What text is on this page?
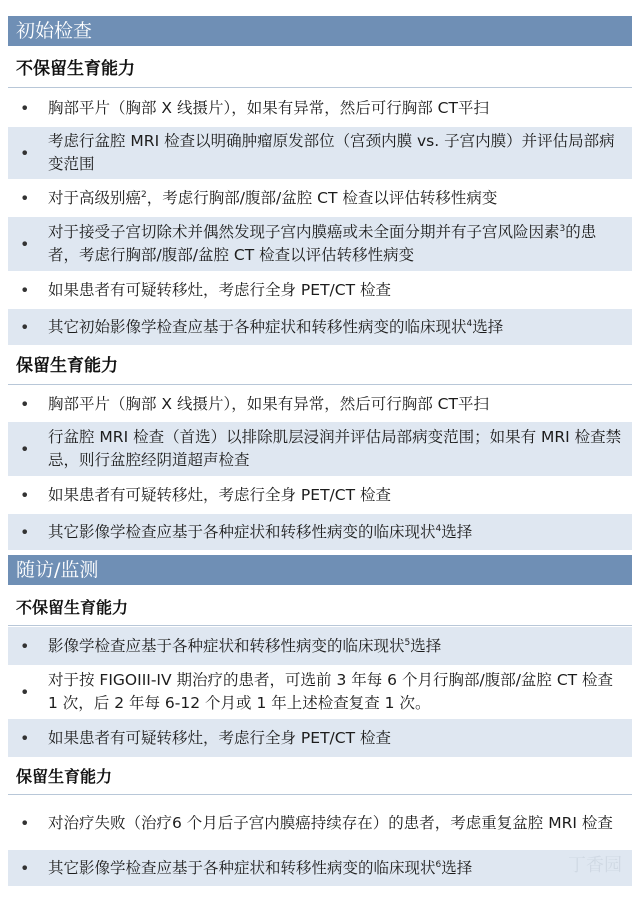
初始检查
不保留生育能力
• 胸部平片（胸部 X 线摄片），如果有异常，然后可行胸部 CT平扫
•
考虑行盆腔 MRI 检查以明确肿瘤原发部位（宫颈内膜 vs. 子宫内膜）并评估局部病变范围
• 对于高级别癌$^2$，考虑行胸部/腹部/盆腔 CT 检查以评估转移性病变
•
对于接受子宫切除术并偶然发现子宫内膜癌或未全面分期并有子宫风险因素$^3$的患者，考虑行胸部/腹部/盆腔 CT 检查以评估转移性病变
• 如果患者有可疑转移灶，考虑行全身 PET/CT 检查
• 其它初始影像学检查应基于各种症状和转移性病变的临床现状$^4$选择
保留生育能力
• 胸部平片（胸部 X 线摄片），如果有异常，然后可行胸部 CT平扫
•
行盆腔 MRI 检查（首选）以排除肌层浸润并评估局部病变范围；如果有 MRI 检查禁忌，则行盆腔经阴道超声检查
• 如果患者有可疑转移灶，考虑行全身 PET/CT 检查
• 其它影像学检查应基于各种症状和转移性病变的临床现状$^4$选择
随访/监测
不保留生育能力
• 影像学检查应基于各种症状和转移性病变的临床现状$^5$选择
•
对于按 FIGOIII-IV 期治疗的患者，可选前 3 年每 6 个月行胸部/腹部/盆腔 CT 检查 1 次，后 2 年每 6-12 个月或 1 年上述检查复查 1 次。
• 如果患者有可疑转移灶，考虑行全身 PET/CT 检查
保留生育能力
• 对治疗失败（治疗6 个月后子宫内膜癌持续存在）的患者，考虑重复盆腔 MRI 检查
• 其它影像学检查应基于各种症状和转移性病变的临床现状$^6$选择	丁香园
